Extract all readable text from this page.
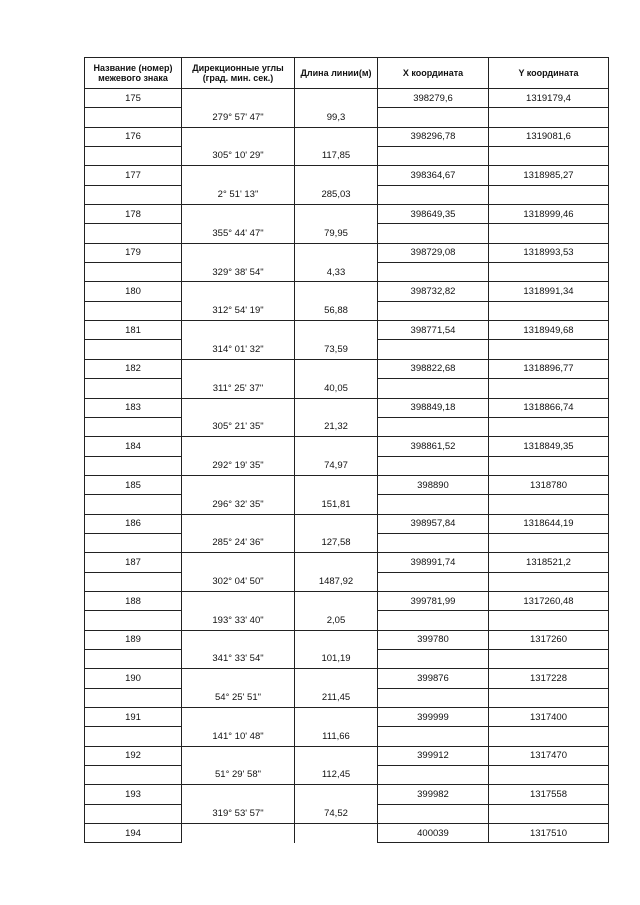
Название (номер) межевого знака	Дирекционные углы (град. мин. сек.)	Длина линии(м)	X координата	Y координата
175			398279,6	1319179,4
	279° 57' 47"	99,3		
176			398296,78	1319081,6
	305° 10' 29"	117,85		
177			398364,67	1318985,27
	2° 51' 13"	285,03		
178			398649,35	1318999,46
	355° 44' 47"	79,95		
179			398729,08	1318993,53
	329° 38' 54"	4,33		
180			398732,82	1318991,34
	312° 54' 19"	56,88		
181			398771,54	1318949,68
	314° 01' 32"	73,59		
182			398822,68	1318896,77
	311° 25' 37"	40,05		
183			398849,18	1318866,74
	305° 21' 35"	21,32		
184			398861,52	1318849,35
	292° 19' 35"	74,97		
185			398890	1318780
	296° 32' 35"	151,81		
186			398957,84	1318644,19
	285° 24' 36"	127,58		
187			398991,74	1318521,2
	302° 04' 50"	1487,92		
188			399781,99	1317260,48
	193° 33' 40"	2,05		
189			399780	1317260
	341° 33' 54"	101,19		
190			399876	1317228
	54° 25' 51"	211,45		
191			399999	1317400
	141° 10' 48"	111,66		
192			399912	1317470
	51° 29' 58"	112,45		
193			399982	1317558
	319° 53' 57"	74,52		
194			400039	1317510
